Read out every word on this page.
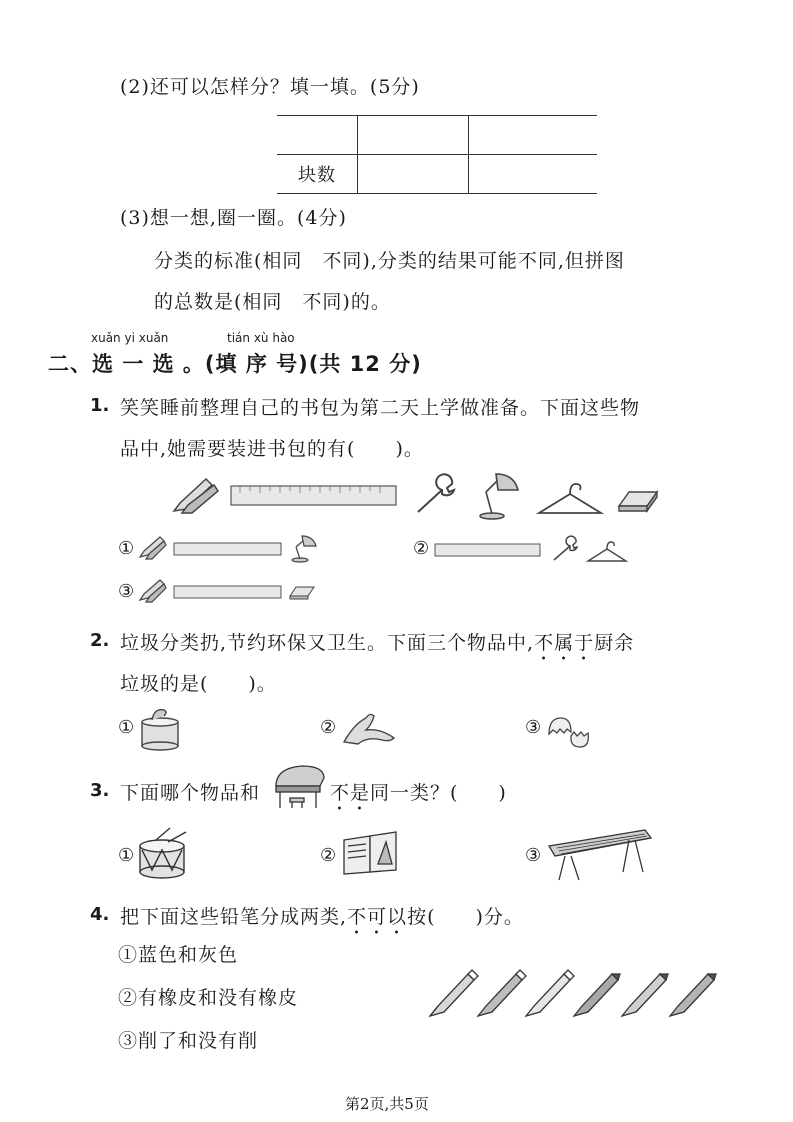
(2)还可以怎样分？填一填。(5分)

块数		
(3)想一想,圈一圈。(4分)
分类的标准(相同　不同),分类的结果可能不同,但拼图
的总数是(相同　不同)的。
xuǎn yi xuǎn	tián xù hào
二、选 一 选 。(填 序 号)(共 12 分)
1. 笑笑睡前整理自己的书包为第二天上学做准备。下面这些物
品中,她需要装进书包的有(　　)。
①	②
③
2. 垃圾分类扔,节约环保又卫生。下面三个物品中,不属于厨余
垃圾的是(　　)。
①	②	③
3. 下面哪个物品和	不是同一类？(　　)
①	②	③
4. 把下面这些铅笔分成两类,不可以按(　　)分。
①蓝色和灰色
②有橡皮和没有橡皮
③削了和没有削
第2页,共5页
